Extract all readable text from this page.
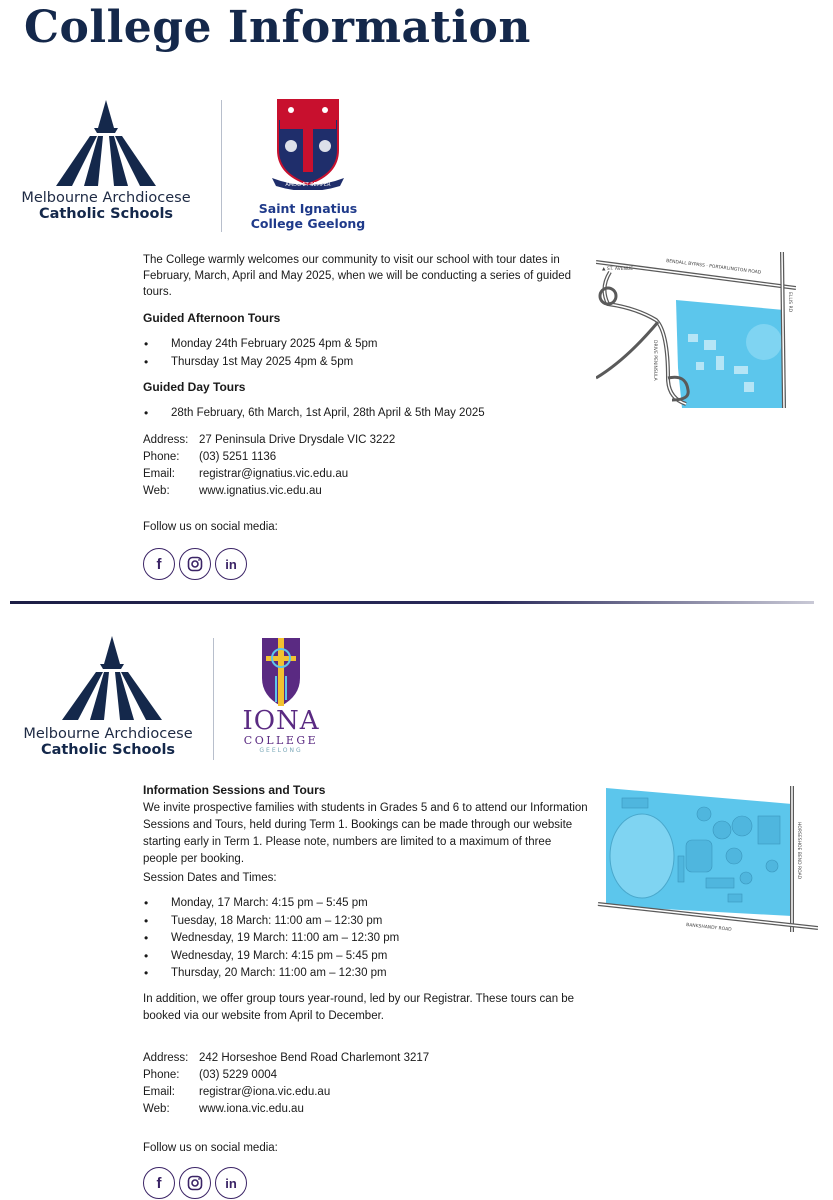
College Information
Melbourne Archdiocese
Catholic Schools
AMDG ET SEMPER
Saint Ignatius
College Geelong
The College warmly welcomes our community to visit our school with tour dates in February, March, April and May 2025, when we will be conducting a series of guided tours.
Guided Afternoon Tours
• Monday 24th February 2025 4pm & 5pm
• Thursday 1st May 2025 4pm & 5pm
Guided Day Tours
• 28th February, 6th March, 1st April, 28th April & 5th May 2025
Address: 27 Peninsula Drive Drysdale VIC 3222
Phone: (03) 5251 1136
Email: registrar@ignatius.vic.edu.au
Web:	www.ignatius.vic.edu.au
Follow us on social media:
f	in
BENDALL BYPASS · PORTARLINGTON ROAD
ELLIS RD
DRIVE PENINSULA
▲ ST. AVENUE
Melbourne Archdiocese
Catholic Schools
IONA
COLLEGE
GEELONG
Information Sessions and Tours
We invite prospective families with students in Grades 5 and 6 to attend our Information Sessions and Tours, held during Term 1. Bookings can be made through our website starting early in Term 1. Please note, numbers are limited to a maximum of three people per booking.
Session Dates and Times:
• Monday, 17 March: 4:15 pm – 5:45 pm
• Tuesday, 18 March: 11:00 am – 12:30 pm
• Wednesday, 19 March: 11:00 am – 12:30 pm
• Wednesday, 19 March: 4:15 pm – 5:45 pm
• Thursday, 20 March: 11:00 am – 12:30 pm
In addition, we offer group tours year-round, led by our Registrar. These tours can be booked via our website from April to December.
Address: 242 Horseshoe Bend Road Charlemont 3217
Phone: (03) 5229 0004
Email: registrar@iona.vic.edu.au
Web:	www.iona.vic.edu.au
Follow us on social media:
f	in
BANKSHANDY ROAD
HORSESHOE BEND ROAD
